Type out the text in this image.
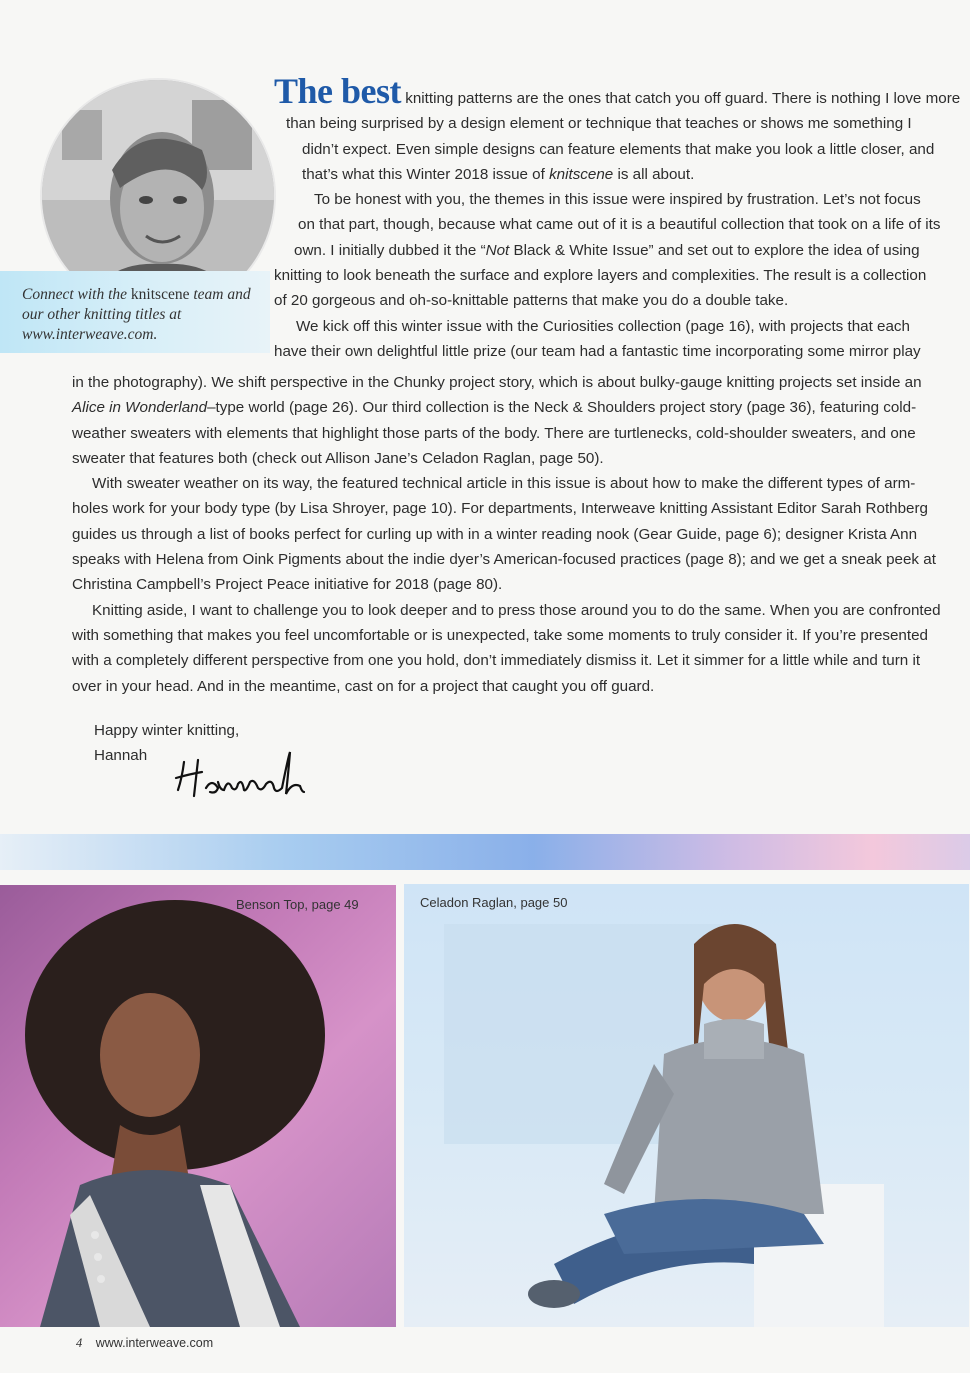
Connect with the knitscene team and our other knitting titles at www.interweave.com.
The best knitting patterns are the ones that catch you off guard. There is nothing I love more
than being surprised by a design element or technique that teaches or shows me something I
didn’t expect. Even simple designs can feature elements that make you look a little closer, and
that’s what this Winter 2018 issue of knitscene is all about.
To be honest with you, the themes in this issue were inspired by frustration. Let’s not focus
on that part, though, because what came out of it is a beautiful collection that took on a life of its
own. I initially dubbed it the “Not Black & White Issue” and set out to explore the idea of using
knitting to look beneath the surface and explore layers and complexities. The result is a collection
of 20 gorgeous and oh-so-knittable patterns that make you do a double take.
We kick off this winter issue with the Curiosities collection (page 16), with projects that each
have their own delightful little prize (our team had a fantastic time incorporating some mirror play
in the photography). We shift perspective in the Chunky project story, which is about bulky-gauge knitting projects set inside an
Alice in Wonderland–type world (page 26). Our third collection is the Neck & Shoulders project story (page 36), featuring cold-
weather sweaters with elements that highlight those parts of the body. There are turtlenecks, cold-shoulder sweaters, and one
sweater that features both (check out Allison Jane’s Celadon Raglan, page 50).
With sweater weather on its way, the featured technical article in this issue is about how to make the different types of arm-
holes work for your body type (by Lisa Shroyer, page 10). For departments, Interweave knitting Assistant Editor Sarah Rothberg
guides us through a list of books perfect for curling up with in a winter reading nook (Gear Guide, page 6); designer Krista Ann
speaks with Helena from Oink Pigments about the indie dyer’s American-focused practices (page 8); and we get a sneak peek at
Christina Campbell’s Project Peace initiative for 2018 (page 80).
Knitting aside, I want to challenge you to look deeper and to press those around you to do the same. When you are confronted
with something that makes you feel uncomfortable or is unexpected, take some moments to truly consider it. If you’re presented
with a completely different perspective from one you hold, don’t immediately dismiss it. Let it simmer for a little while and turn it
over in your head. And in the meantime, cast on for a project that caught you off guard.
Happy winter knitting,
Hannah
Benson Top, page 49	Celadon Raglan, page 50
4 www.interweave.com
